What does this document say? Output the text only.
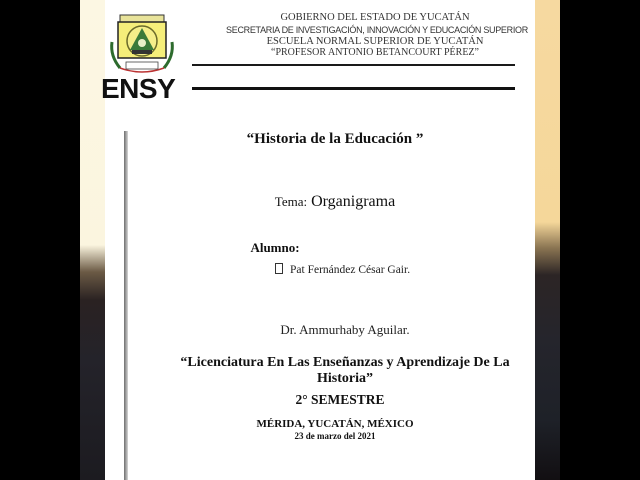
ENSY
GOBIERNO DEL ESTADO DE YUCATÁN
SECRETARIA DE INVESTIGACIÓN, INNOVACIÓN Y EDUCACIÓN SUPERIOR
ESCUELA NORMAL SUPERIOR DE YUCATÁN
“PROFESOR ANTONIO BETANCOURT PÉREZ”
“Historia de la Educación ”
Tema: Organigrama
Alumno:
Pat Fernández César Gair.
Dr. Ammurhaby Aguilar.
“Licenciatura En Las Enseñanzas y Aprendizaje De La Historia”
2° SEMESTRE
MÉRIDA, YUCATÁN, MÉXICO
23 de marzo del 2021
